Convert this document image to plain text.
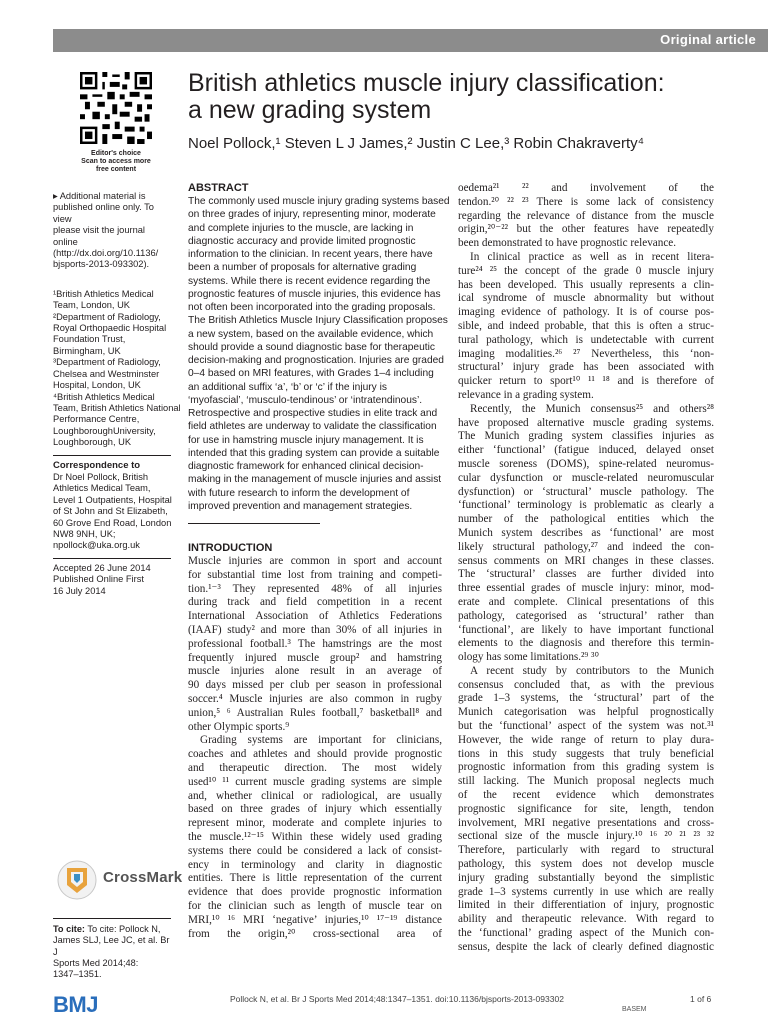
Original article
Editor's choice
Scan to access more
free content
British athletics muscle injury classification:
a new grading system
Noel Pollock,¹ Steven L J James,² Justin C Lee,³ Robin Chakraverty⁴

▸ Additional material is
published online only. To view
please visit the journal online
(http://dx.doi.org/10.1136/
bjsports-2013-093302).

¹British Athletics Medical
Team, London, UK
²Department of Radiology,
Royal Orthopaedic Hospital
Foundation Trust,
Birmingham, UK
³Department of Radiology,
Chelsea and Westminster
Hospital, London, UK
⁴British Athletics Medical
Team, British Athletics National
Performance Centre,
LoughboroughUniversity,
Loughborough, UK
Correspondence to
Dr Noel Pollock, British
Athletics Medical Team,
Level 1 Outpatients, Hospital
of St John and St Elizabeth,
60 Grove End Road, London
NW8 9NH, UK;
npollock@uka.org.uk
Accepted 26 June 2014
Published Online First
16 July 2014
CrossMark
To cite: To cite: Pollock N,
James SLJ, Lee JC, et al. Br J
Sports Med 2014;48:
1347–1351.
BMJ	Pollock N, et al. Br J Sports Med 2014;48:1347–1351. doi:10.1136/bjsports-2013-093302	1 of 6
BASEM
ABSTRACT
The commonly used muscle injury grading systems based
on three grades of injury, representing minor, moderate
and complete injuries to the muscle, are lacking in
diagnostic accuracy and provide limited prognostic
information to the clinician. In recent years, there have
been a number of proposals for alternative grading
systems. While there is recent evidence regarding the
prognostic features of muscle injuries, this evidence has
not often been incorporated into the grading proposals.
The British Athletics Muscle Injury Classification proposes
a new system, based on the available evidence, which
should provide a sound diagnostic base for therapeutic
decision-making and prognostication. Injuries are graded
0–4 based on MRI features, with Grades 1–4 including
an additional suffix ‘a’, ‘b’ or ‘c’ if the injury is
‘myofascial’, ‘musculo-tendinous’ or ‘intratendinous’.
Retrospective and prospective studies in elite track and
field athletes are underway to validate the classification
for use in hamstring muscle injury management. It is
intended that this grading system can provide a suitable
diagnostic framework for enhanced clinical decision-
making in the management of muscle injuries and assist
with future research to inform the development of
improved prevention and management strategies.
INTRODUCTION
Muscle injuries are common in sport and account
for substantial time lost from training and competi-
tion.¹⁻³ They represented 48% of all injuries
during track and field competition in a recent
International Association of Athletics Federations
(IAAF) study² and more than 30% of all injuries in
professional football.³ The hamstrings are the most
frequently injured muscle group² and hamstring
muscle injuries alone result in an average of
90 days missed per club per season in professional
soccer.⁴ Muscle injuries are also common in rugby
union,⁵ ⁶ Australian Rules football,⁷ basketball⁸ and
other Olympic sports.⁹
Grading systems are important for clinicians,
coaches and athletes and should provide prognostic
and therapeutic direction. The most widely
used¹⁰ ¹¹ current muscle grading systems are simple
and, whether clinical or radiological, are usually
based on three grades of injury which essentially
represent minor, moderate and complete injuries to
the muscle.¹²⁻¹⁵ Within these widely used grading
systems there could be considered a lack of consist-
ency in terminology and clarity in diagnostic
entities. There is little representation of the current
evidence that does provide prognostic information
for the clinician such as length of muscle tear on
MRI,¹⁰ ¹⁶ MRI ‘negative’ injuries,¹⁰ ¹⁷⁻¹⁹ distance
from the origin,²⁰ cross-sectional area of
oedema²¹ ²² and involvement of the
tendon.²⁰ ²² ²³ There is some lack of consistency
regarding the relevance of distance from the muscle
origin,²⁰⁻²² but the other features have repeatedly
been demonstrated to have prognostic relevance.
In clinical practice as well as in recent litera-
ture²⁴ ²⁵ the concept of the grade 0 muscle injury
has been developed. This usually represents a clin-
ical syndrome of muscle abnormality but without
imaging evidence of pathology. It is of course pos-
sible, and indeed probable, that this is often a struc-
tural pathology, which is undetectable with current
imaging modalities.²⁶ ²⁷ Nevertheless, this ‘non-
structural’ injury grade has been associated with
quicker return to sport¹⁰ ¹¹ ¹⁸ and is therefore of
relevance in a grading system.
Recently, the Munich consensus²⁵ and others²⁸
have proposed alternative muscle grading systems.
The Munich grading system classifies injuries as
either ‘functional’ (fatigue induced, delayed onset
muscle soreness (DOMS), spine-related neuromus-
cular dysfunction or muscle-related neuromuscular
dysfunction) or ‘structural’ muscle pathology. The
‘functional’ terminology is problematic as clearly a
number of the pathological entities which the
Munich system describes as ‘functional’ are most
likely structural pathology,²⁷ and indeed the con-
sensus comments on MRI changes in these classes.
The ‘structural’ classes are further divided into
three essential grades of muscle injury: minor, mod-
erate and complete. Clinical presentations of this
pathology, categorised as ‘structural’ rather than
‘functional’, are likely to have important functional
elements to the diagnosis and therefore this termin-
ology has some limitations.²⁹ ³⁰
A recent study by contributors to the Munich
consensus concluded that, as with the previous
grade 1–3 systems, the ‘structural’ part of the
Munich categorisation was helpful prognostically
but the ‘functional’ aspect of the system was not.³¹
However, the wide range of return to play dura-
tions in this study suggests that truly beneficial
prognostic information from this grading system is
still lacking. The Munich proposal neglects much
of the recent evidence which demonstrates
prognostic significance for site, length, tendon
involvement, MRI negative presentations and cross-
sectional size of the muscle injury.¹⁰ ¹⁶ ²⁰ ²¹ ²³ ³²
Therefore, particularly with regard to structural
pathology, this system does not develop muscle
injury grading substantially beyond the simplistic
grade 1–3 systems currently in use which are really
limited in their differentiation of injury, prognostic
ability and therapeutic relevance. With regard to
the ‘functional’ grading aspect of the Munich con-
sensus, despite the lack of clearly defined diagnostic
